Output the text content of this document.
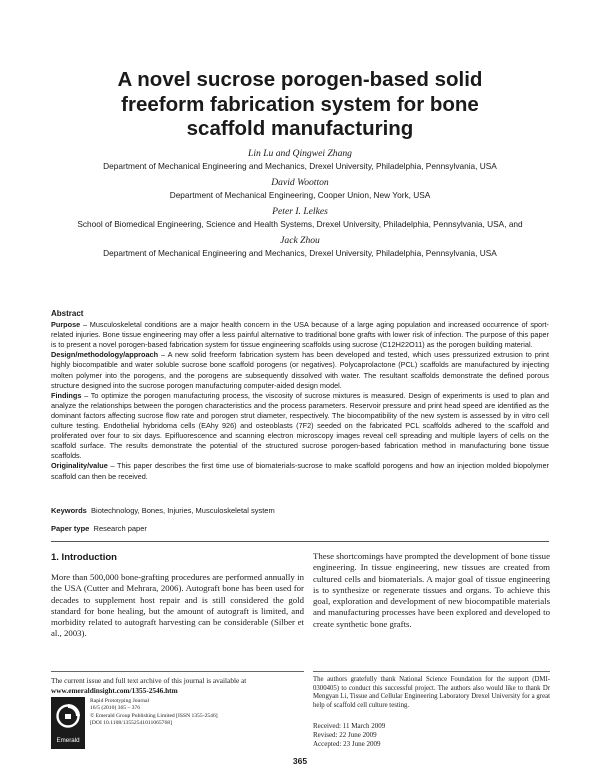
A novel sucrose porogen-based solid freeform fabrication system for bone scaffold manufacturing
Lin Lu and Qingwei Zhang
Department of Mechanical Engineering and Mechanics, Drexel University, Philadelphia, Pennsylvania, USA
David Wootton
Department of Mechanical Engineering, Cooper Union, New York, USA
Peter I. Lelkes
School of Biomedical Engineering, Science and Health Systems, Drexel University, Philadelphia, Pennsylvania, USA, and
Jack Zhou
Department of Mechanical Engineering and Mechanics, Drexel University, Philadelphia, Pennsylvania, USA
Abstract

Purpose – Musculoskeletal conditions are a major health concern in the USA because of a large aging population and increased occurrence of sport-related injuries. Bone tissue engineering may offer a less painful alternative to traditional bone grafts with lower risk of infection. The purpose of this paper is to present a novel porogen-based fabrication system for tissue engineering scaffolds using sucrose (C12H22O11) as the porogen building material.

Design/methodology/approach – A new solid freeform fabrication system has been developed and tested, which uses pressurized extrusion to print highly biocompatible and water soluble sucrose bone scaffold porogens (or negatives). Polycaprolactone (PCL) scaffolds are manufactured by injecting molten polymer into the porogens, and the porogens are subsequently dissolved with water. The resultant scaffolds demonstrate the defined porous structure designed into the sucrose porogen manufacturing computer-aided design model.

Findings – To optimize the porogen manufacturing process, the viscosity of sucrose mixtures is measured. Design of experiments is used to plan and analyze the relationships between the porogen characteristics and the process parameters. Reservoir pressure and print head speed are identified as the dominant factors affecting sucrose flow rate and porogen strut diameter, respectively. The biocompatibility of the new system is assessed by in vitro cell culture testing. Endothelial hybridoma cells (EAhy 926) and osteoblasts (7F2) seeded on the fabricated PCL scaffolds adhered to the scaffold and proliferated over four to six days. Epifluorescence and scanning electron microscopy images reveal cell spreading and multiple layers of cells on the scaffold surface. The results demonstrate the potential of the structured sucrose porogen-based fabrication method in manufacturing bone tissue scaffolds.

Originality/value – This paper describes the first time use of biomaterials-sucrose to make scaffold porogens and how an injection molded biopolymer scaffold can then be received.

Keywords Biotechnology, Bones, Injuries, Musculoskeletal system
Paper type Research paper
1. Introduction

More than 500,000 bone-grafting procedures are performed annually in the USA (Cutter and Mehrara, 2006). Autograft bone has been used for decades to supplement host repair and is still considered the gold standard for bone healing, but the amount of autograft is limited, and morbidity related to autograft harvesting can be considerable (Silber et al., 2003).

These shortcomings have prompted the development of bone tissue engineering. In tissue engineering, new tissues are created from cultured cells and biomaterials. A major goal of tissue engineering is to synthesize or regenerate tissues and organs. To achieve this goal, exploration and development of new biocompatible materials and manufacturing processes have been explored and developed to create synthetic bone grafts.

The current issue and full text archive of this journal is available at
www.emeraldinsight.com/1355-2546.htm

Emerald

Rapid Prototyping Journal
16/5 (2010) 365 – 376
© Emerald Group Publishing Limited [ISSN 1355-2546]
[DOI 10.1108/13552541011065768]

The authors gratefully thank National Science Foundation for the support (DMI-0300405) to conduct this successful project. The authors also would like to thank Dr Mengyan Li, Tissue and Cellular Engineering Laboratory Drexel University for a great help of scaffold cell culture testing.

Received: 11 March 2009
Revised: 22 June 2009
Accepted: 23 June 2009

365
